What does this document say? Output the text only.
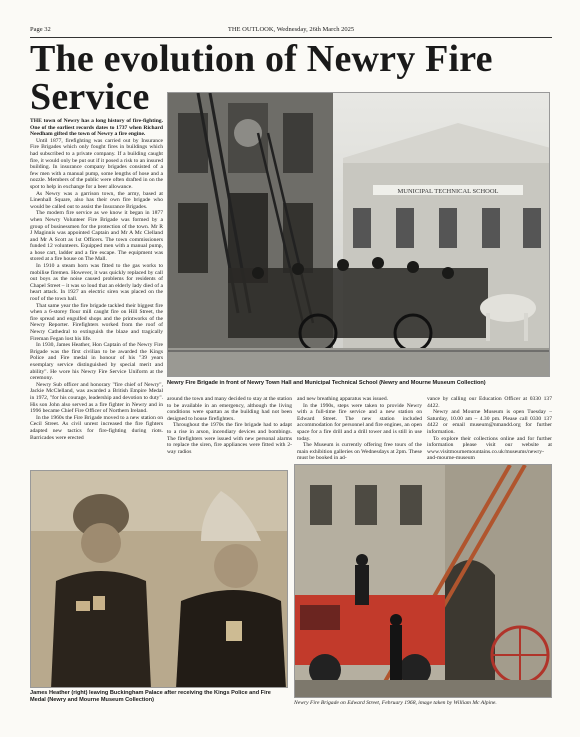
THE OUTLOOK, Wednesday, 26th March 2025
Page 32
The evolution of Newry Fire
Service

THE town of Newry has a long history of fire-fighting. One of the earliest records dates to 1737 when Richard Needham gifted the town of Newry a fire engine.

Until 1877, firefighting was carried out by Insurance Fire Brigades which only fought fires in buildings which had subscribed to a private company. If a building caught fire, it would only be put out if it posed a risk to an insured building. In insurance company brigades consisted of a few men with a manual pump, some lengths of hose and a nozzle. Members of the public were often drafted in on the spot to help in exchange for a beer allowance.

As Newry was a garrison town, the army, based at Linenhall Square, also has their own fire brigade who would be called out to assist the Insurance Brigades.

The modern fire service as we know it began in 1877 when Newry Volunteer Fire Brigade was formed by a group of businessmen for the protection of the town. Mr R J Maginnis was appointed Captain and Mr A Mc Clelland and Mr A Scott as 1st Officers. The town commissioners funded 12 volunteers. Equipped men with a manual pump, a hose cart, ladder and a fire escape. The equipment was stored at a fire house on The Mall.

In 1910 a steam horn was fitted to the gas works to mobilise firemen. However, it was quickly replaced by call out boys as the noise caused problems for residents of Chapel Street – it was so loud that an elderly lady died of a heart attack. In 1927 an electric siren was placed on the roof of the town hall.

That same year the fire brigade tackled their biggest fire when a 6-storey flour mill caught fire on Hill Street, the fire spread and engulfed shops and the printworks of the Newry Reporter. Firefighters worked from the roof of Newry Cathedral to extinguish the blaze and tragically Fireman Fegan lost his life.

In 1930, James Heather, Hon Captain of the Newry Fire Brigade was the first civilian to be awarded the Kings Police and Fire medal in honour of his "39 years exemplary service distinguished by special merit and ability". He wore his Newry Fire Service Uniform at the ceremony.

Newry Sub officer and honorary "fire chief of Newry", Jackie McClelland, was awarded a British Empire Medal in 1972, "for his courage, leadership and devotion to duty". His son John also served as a fire fighter in Newry and in 1996 became Chief Fire Officer of Northern Ireland.

In the 1960s the Fire Brigade moved to a new station on Cecil Street. As civil unrest increased the fire fighters adapted new tactics for fire-fighting during riots. Barricades were erected

MUNICIPAL TECHNICAL SCHOOL
Newry Fire Brigade in front of Newry Town Hall and Municipal Technical School (Newry and Mourne Museum Collection)

around the town and many decided to stay at the station to be available in an emergency, although the living conditions were spartan as the building had not been designed to house firefighters.

Throughout the 1970s the fire brigade had to adapt to a rise in arson, incendiary devices and bombings. The firefighters were issued with new personal alarms to replace the siren, fire appliances were fitted with 2-way radios

and new breathing apparatus was issued.

In the 1990s, steps were taken to provide Newry with a full-time fire service and a new station on Edward Street. The new station included accommodation for personnel and fire engines, an open space for a fire drill and a drill tower and is still in use today.

The Museum is currently offering free tours of the main exhibition galleries on Wednesdays at 2pm. These must be booked in ad-

vance by calling our Education Officer at 0330 137 4422.

Newry and Mourne Museum is open Tuesday – Saturday, 10.00 am – 4.30 pm. Please call 0330 137 4422 or email museum@nmandd.org for further information.

To explore their collections online and for further information please visit our website at www.visitmournemountains.co.uk/museums/newry-and-mourne-museum

James Heather (right) leaving Buckingham Palace after receiving the Kings Police and Fire Medal (Newry and Mourne Museum Collection)	Newry Fire Brigade on Edward Street, February 1968, image taken by William Mc Alpine.
